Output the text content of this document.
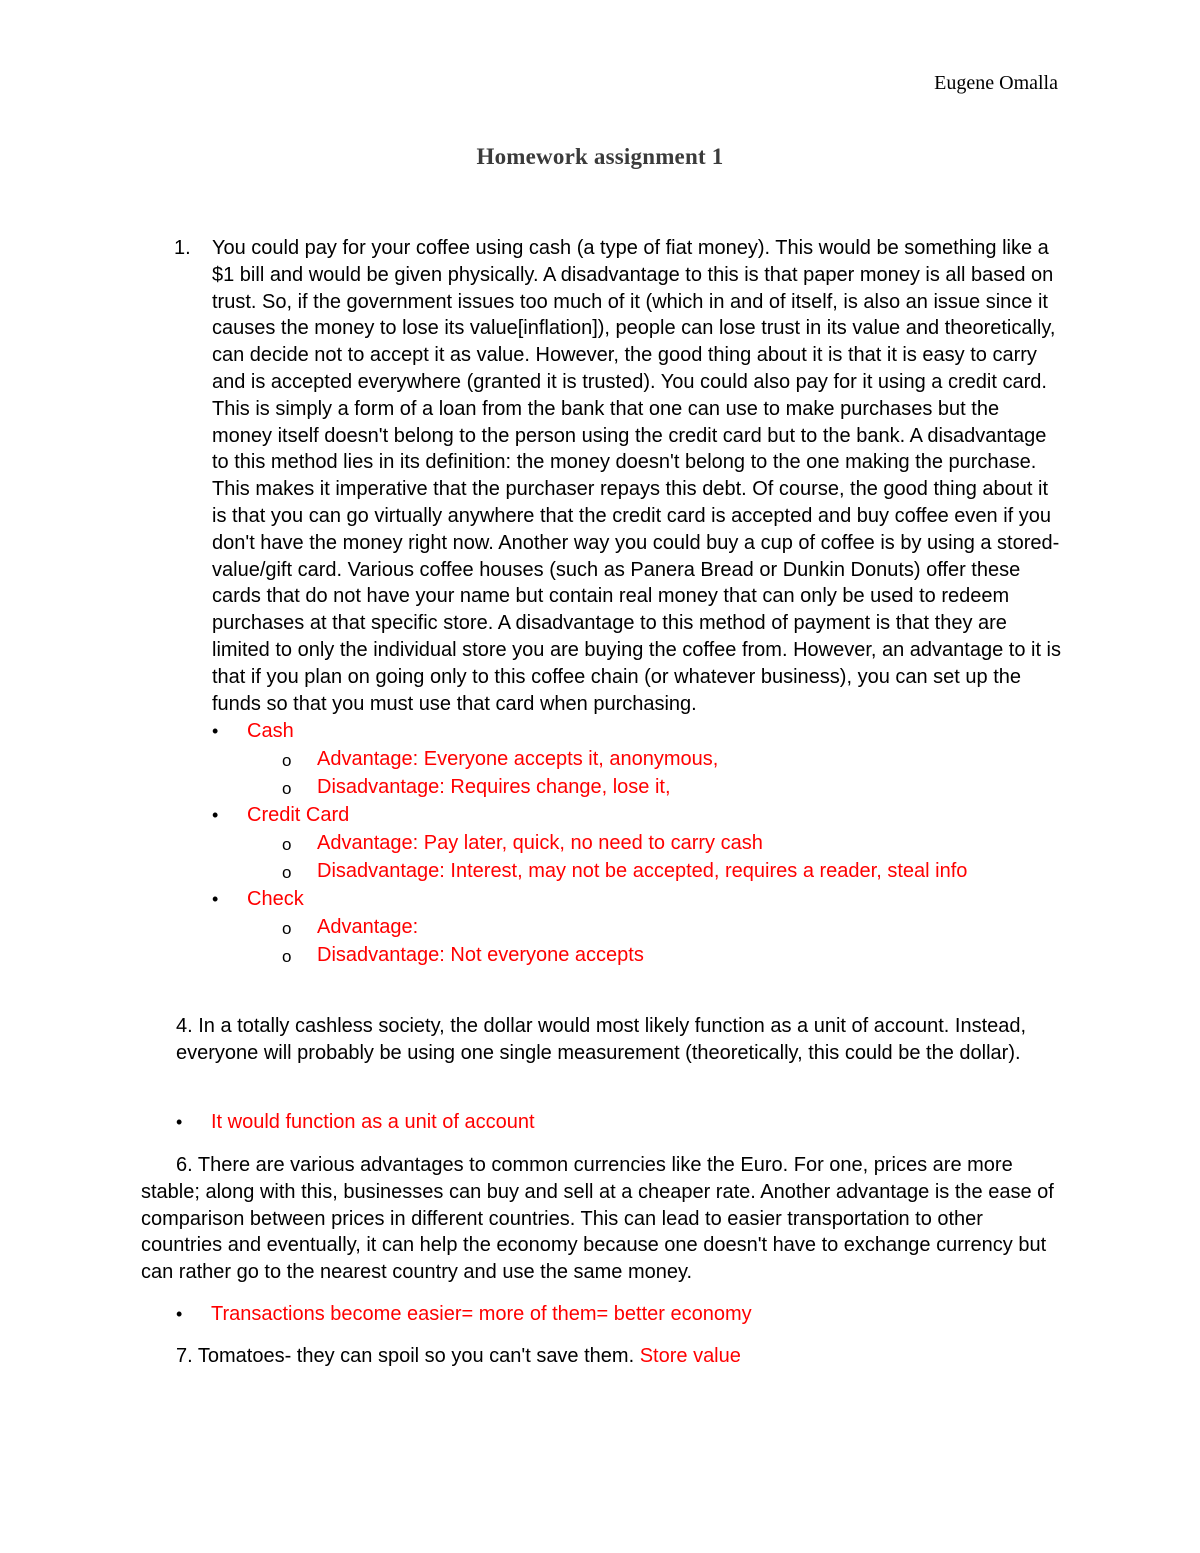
Eugene Omalla
Homework assignment 1
1. You could pay for your coffee using cash (a type of fiat money). This would be something like a $1 bill and would be given physically. A disadvantage to this is that paper money is all based on trust. So, if the government issues too much of it (which in and of itself, is also an issue since it causes the money to lose its value[inflation]), people can lose trust in its value and theoretically, can decide not to accept it as value. However, the good thing about it is that it is easy to carry and is accepted everywhere (granted it is trusted). You could also pay for it using a credit card. This is simply a form of a loan from the bank that one can use to make purchases but the money itself doesn't belong to the person using the credit card but to the bank. A disadvantage to this method lies in its definition: the money doesn't belong to the one making the purchase. This makes it imperative that the purchaser repays this debt. Of course, the good thing about it is that you can go virtually anywhere that the credit card is accepted and buy coffee even if you don't have the money right now. Another way you could buy a cup of coffee is by using a stored-value/gift card. Various coffee houses (such as Panera Bread or Dunkin Donuts) offer these cards that do not have your name but contain real money that can only be used to redeem purchases at that specific store. A disadvantage to this method of payment is that they are limited to only the individual store you are buying the coffee from. However, an advantage to it is that if you plan on going only to this coffee chain (or whatever business), you can set up the funds so that you must use that card when purchasing.
• Cash
o Advantage: Everyone accepts it, anonymous,
o Disadvantage: Requires change, lose it,
• Credit Card
o Advantage: Pay later, quick, no need to carry cash
o Disadvantage: Interest, may not be accepted, requires a reader, steal info
• Check
o Advantage:
o Disadvantage: Not everyone accepts
4. In a totally cashless society, the dollar would most likely function as a unit of account. Instead, everyone will probably be using one single measurement (theoretically, this could be the dollar).
• It would function as a unit of account
6. There are various advantages to common currencies like the Euro. For one, prices are more stable; along with this, businesses can buy and sell at a cheaper rate. Another advantage is the ease of comparison between prices in different countries. This can lead to easier transportation to other countries and eventually, it can help the economy because one doesn't have to exchange currency but can rather go to the nearest country and use the same money.
• Transactions become easier= more of them= better economy
7. Tomatoes- they can spoil so you can't save them. Store value
